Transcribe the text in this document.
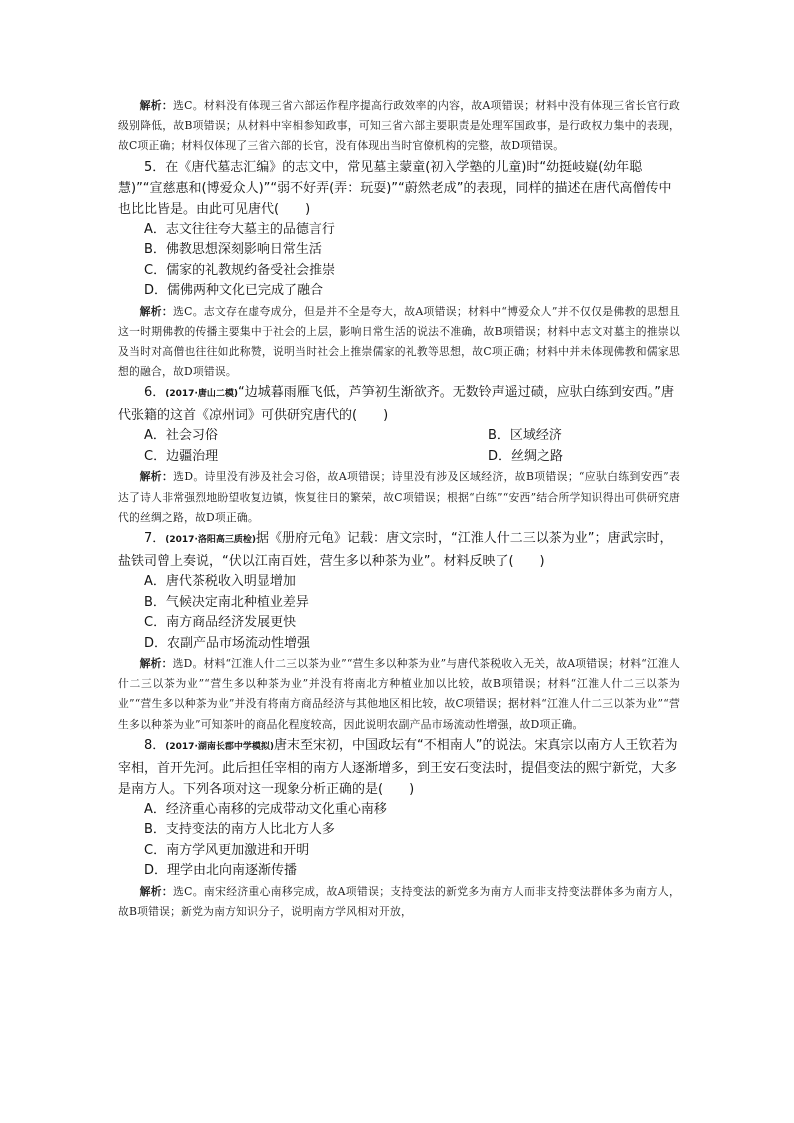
解析：选C。材料没有体现三省六部运作程序提高行政效率的内容，故A项错误；材料中没有体现三省长官行政级别降低，故B项错误；从材料中宰相参知政事，可知三省六部主要职责是处理军国政事，是行政权力集中的表现，故C项正确；材料仅体现了三省六部的长官，没有体现出当时官僚机构的完整，故D项错误。

5．在《唐代墓志汇编》的志文中，常见墓主蒙童(初入学塾的儿童)时“幼挺岐嶷(幼年聪慧)”“宣慈惠和(博爱众人)”“弱不好弄(弄：玩耍)”“蔚然老成”的表现，同样的描述在唐代高僧传中也比比皆是。由此可见唐代(　　)

A．志文往往夸大墓主的品德言行

B．佛教思想深刻影响日常生活

C．儒家的礼教规约备受社会推崇

D．儒佛两种文化已完成了融合

解析：选C。志文存在虚夸成分，但是并不全是夸大，故A项错误；材料中“博爱众人”并不仅仅是佛教的思想且这一时期佛教的传播主要集中于社会的上层，影响日常生活的说法不准确，故B项错误；材料中志文对墓主的推崇以及当时对高僧也往往如此称赞，说明当时社会上推崇儒家的礼教等思想，故C项正确；材料中并未体现佛教和儒家思想的融合，故D项错误。

6．(2017·唐山二模)“边城暮雨雁飞低，芦笋初生渐欲齐。无数铃声遥过碛，应驮白练到安西。”唐代张籍的这首《凉州词》可供研究唐代的(　　)

A．社会习俗	B．区域经济

C．边疆治理	D．丝绸之路

解析：选D。诗里没有涉及社会习俗，故A项错误；诗里没有涉及区域经济，故B项错误；“应驮白练到安西”表达了诗人非常强烈地盼望收复边镇，恢复往日的繁荣，故C项错误；根据“白练”“安西”结合所学知识得出可供研究唐代的丝绸之路，故D项正确。

7．(2017·洛阳高三质检)据《册府元龟》记载：唐文宗时，“江淮人什二三以茶为业”；唐武宗时，盐铁司曾上奏说，“伏以江南百姓，营生多以种茶为业”。材料反映了(　　)

A．唐代茶税收入明显增加

B．气候决定南北种植业差异

C．南方商品经济发展更快

D．农副产品市场流动性增强

解析：选D。材料“江淮人什二三以茶为业”“营生多以种茶为业”与唐代茶税收入无关，故A项错误；材料“江淮人什二三以茶为业”“营生多以种茶为业”并没有将南北方种植业加以比较，故B项错误；材料“江淮人什二三以茶为业”“营生多以种茶为业”并没有将南方商品经济与其他地区相比较，故C项错误；据材料“江淮人什二三以茶为业”“营生多以种茶为业”可知茶叶的商品化程度较高，因此说明农副产品市场流动性增强，故D项正确。

8．(2017·湖南长郡中学模拟)唐末至宋初，中国政坛有“不相南人”的说法。宋真宗以南方人王钦若为宰相，首开先河。此后担任宰相的南方人逐渐增多，到王安石变法时，提倡变法的熙宁新党，大多是南方人。下列各项对这一现象分析正确的是(　　)

A．经济重心南移的完成带动文化重心南移

B．支持变法的南方人比北方人多

C．南方学风更加激进和开明

D．理学由北向南逐渐传播

解析：选C。南宋经济重心南移完成，故A项错误；支持变法的新党多为南方人而非支持变法群体多为南方人，故B项错误；新党为南方知识分子，说明南方学风相对开放，
